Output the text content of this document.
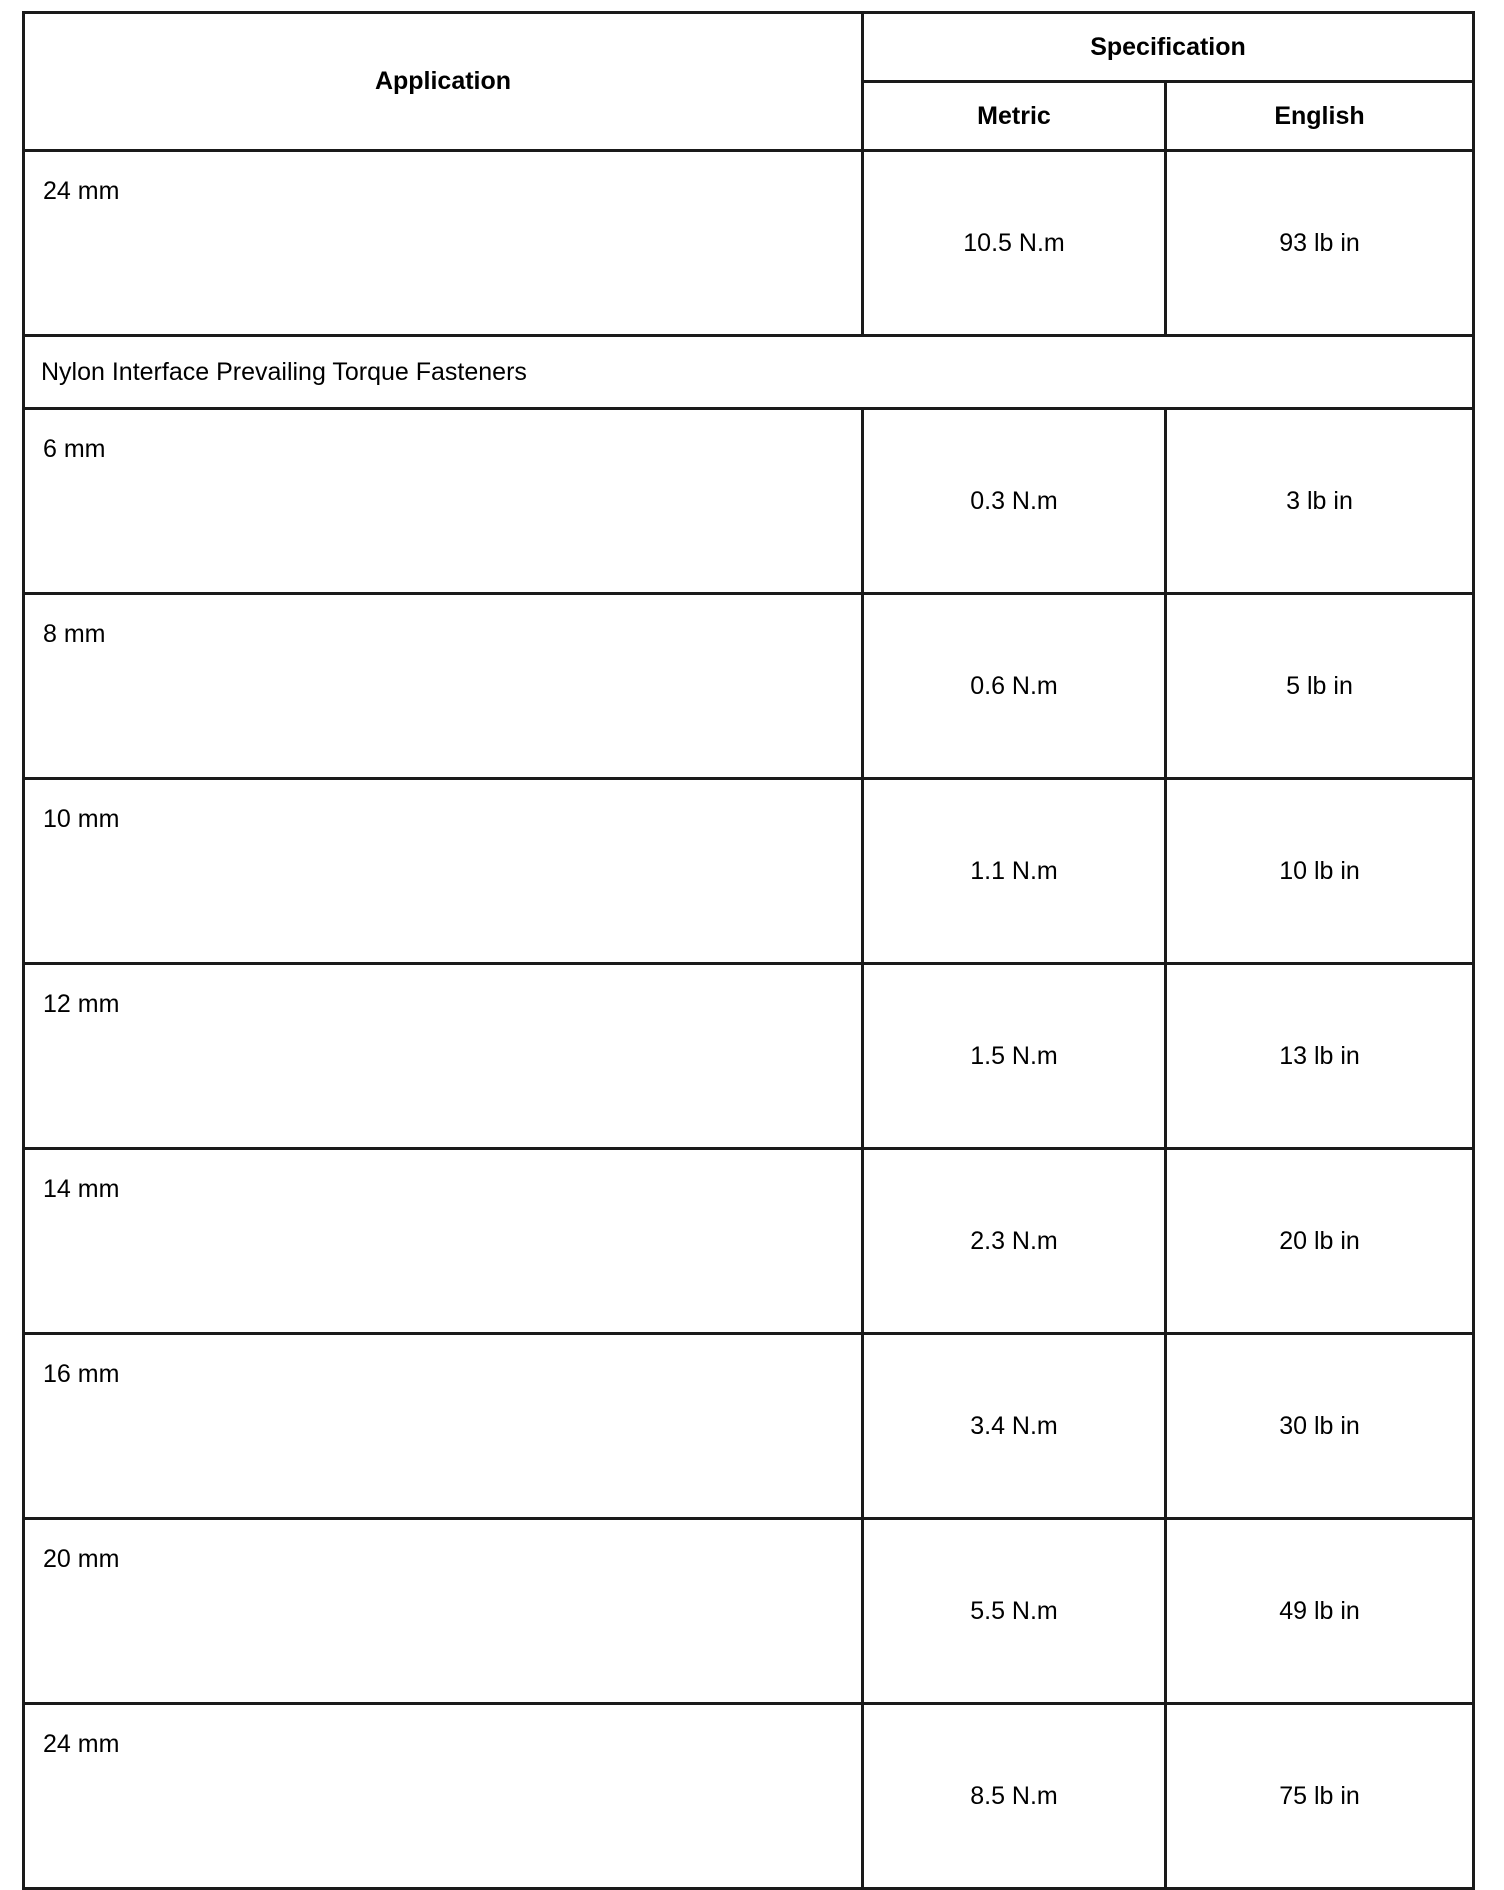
Application	Specification	
	Metric	English
24 mm	10.5 N.m	93 lb in
Nylon Interface Prevailing Torque Fasteners		
6 mm	0.3 N.m	3 lb in
8 mm	0.6 N.m	5 lb in
10 mm	1.1 N.m	10 lb in
12 mm	1.5 N.m	13 lb in
14 mm	2.3 N.m	20 lb in
16 mm	3.4 N.m	30 lb in
20 mm	5.5 N.m	49 lb in
24 mm	8.5 N.m	75 lb in
